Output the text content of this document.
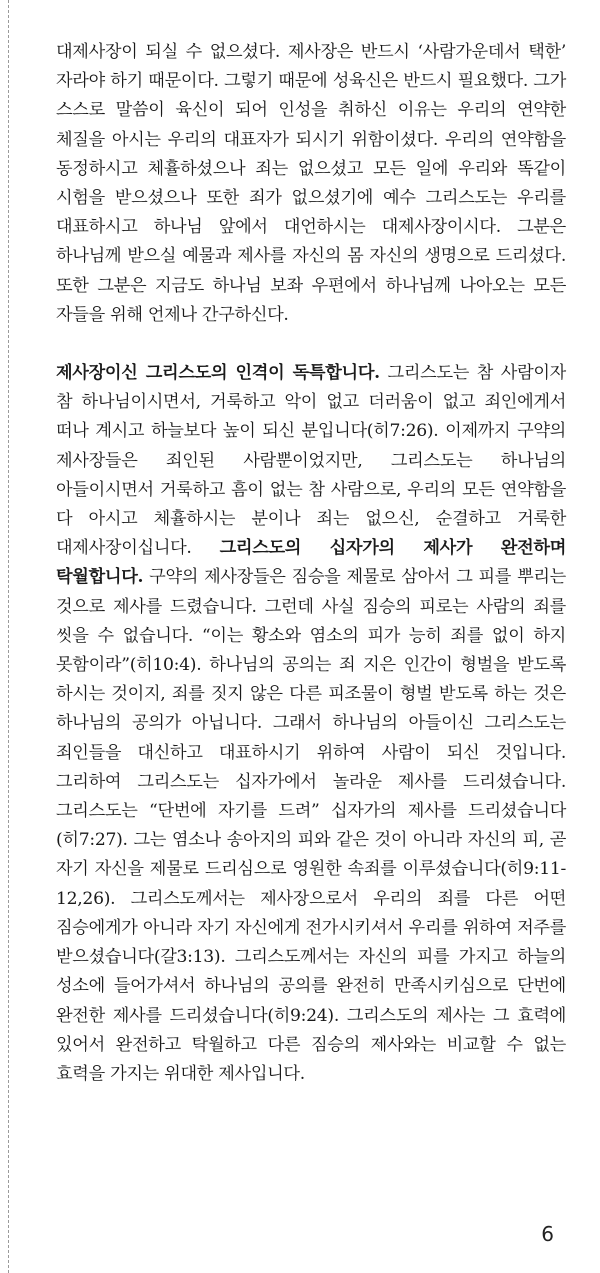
대제사장이 되실 수 없으셨다. 제사장은 반드시 ‘사람가운데서 택한’ 자라야 하기 때문이다. 그렇기 때문에 성육신은 반드시 필요했다. 그가 스스로 말씀이 육신이 되어 인성을 취하신 이유는 우리의 연약한 체질을 아시는 우리의 대표자가 되시기 위함이셨다. 우리의 연약함을 동정하시고 체휼하셨으나 죄는 없으셨고 모든 일에 우리와 똑같이 시험을 받으셨으나 또한 죄가 없으셨기에 예수 그리스도는 우리를 대표하시고 하나님 앞에서 대언하시는 대제사장이시다. 그분은 하나님께 받으실 예물과 제사를 자신의 몸 자신의 생명으로 드리셨다. 또한 그분은 지금도 하나님 보좌 우편에서 하나님께 나아오는 모든 자들을 위해 언제나 간구하신다.

제사장이신 그리스도의 인격이 독특합니다. 그리스도는 참 사람이자 참 하나님이시면서, 거룩하고 악이 없고 더러움이 없고 죄인에게서 떠나 계시고 하늘보다 높이 되신 분입니다(히7:26). 이제까지 구약의 제사장들은 죄인된 사람뿐이었지만, 그리스도는 하나님의 아들이시면서 거룩하고 흠이 없는 참 사람으로, 우리의 모든 연약함을 다 아시고 체휼하시는 분이나 죄는 없으신, 순결하고 거룩한 대제사장이십니다. 그리스도의 십자가의 제사가 완전하며 탁월합니다. 구약의 제사장들은 짐승을 제물로 삼아서 그 피를 뿌리는 것으로 제사를 드렸습니다. 그런데 사실 짐승의 피로는 사람의 죄를 씻을 수 없습니다. “이는 황소와 염소의 피가 능히 죄를 없이 하지 못함이라”(히10:4). 하나님의 공의는 죄 지은 인간이 형벌을 받도록 하시는 것이지, 죄를 짓지 않은 다른 피조물이 형벌 받도록 하는 것은 하나님의 공의가 아닙니다. 그래서 하나님의 아들이신 그리스도는 죄인들을 대신하고 대표하시기 위하여 사람이 되신 것입니다. 그리하여 그리스도는 십자가에서 놀라운 제사를 드리셨습니다. 그리스도는 “단번에 자기를 드려” 십자가의 제사를 드리셨습니다(히7:27). 그는 염소나 송아지의 피와 같은 것이 아니라 자신의 피, 곧 자기 자신을 제물로 드리심으로 영원한 속죄를 이루셨습니다(히9:11-12,26). 그리스도께서는 제사장으로서 우리의 죄를 다른 어떤 짐승에게가 아니라 자기 자신에게 전가시키셔서 우리를 위하여 저주를 받으셨습니다(갈3:13). 그리스도께서는 자신의 피를 가지고 하늘의 성소에 들어가셔서 하나님의 공의를 완전히 만족시키심으로 단번에 완전한 제사를 드리셨습니다(히9:24). 그리스도의 제사는 그 효력에 있어서 완전하고 탁월하고 다른 짐승의 제사와는 비교할 수 없는 효력을 가지는 위대한 제사입니다.

6
